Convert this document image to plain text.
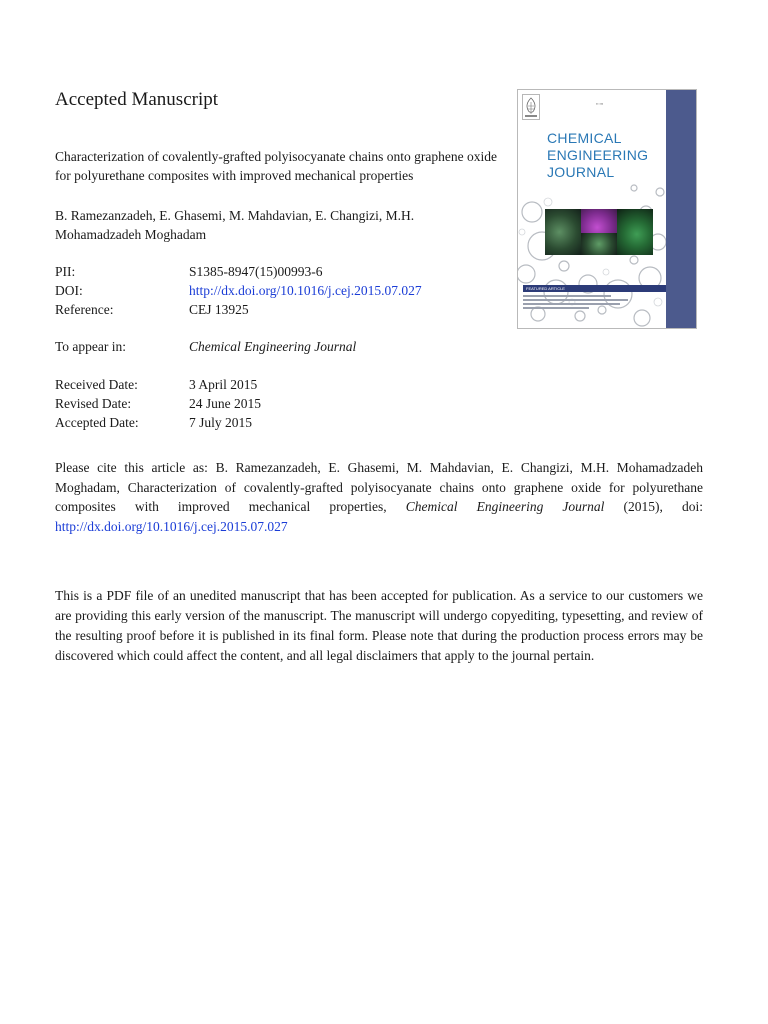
Accepted Manuscript

Characterization of covalently-grafted polyisocyanate chains onto graphene oxide for polyurethane composites with improved mechanical properties

B. Ramezanzadeh, E. Ghasemi, M. Mahdavian, E. Changizi, M.H. Mohamadzadeh Moghadam

PII:	S1385-8947(15)00993-6
DOI:	http://dx.doi.org/10.1016/j.cej.2015.07.027
Reference:	CEJ 13925
To appear in:	Chemical Engineering Journal
Received Date:	3 April 2015
Revised Date:	24 June 2015
Accepted Date:	7 July 2015

Please cite this article as: B. Ramezanzadeh, E. Ghasemi, M. Mahdavian, E. Changizi, M.H. Mohamadzadeh Moghadam, Characterization of covalently-grafted polyisocyanate chains onto graphene oxide for polyurethane composites with improved mechanical properties, Chemical Engineering Journal (2015), doi: http://dx.doi.org/10.1016/j.cej.2015.07.027

This is a PDF file of an unedited manuscript that has been accepted for publication. As a service to our customers we are providing this early version of the manuscript. The manuscript will undergo copyediting, typesetting, and review of the resulting proof before it is published in its final form. Please note that during the production process errors may be discovered which could affect the content, and all legal disclaimers that apply to the journal pertain.

▪▪ ▪▪▪
CHEMICAL
ENGINEERING
JOURNAL
FEATURED ARTICLE
